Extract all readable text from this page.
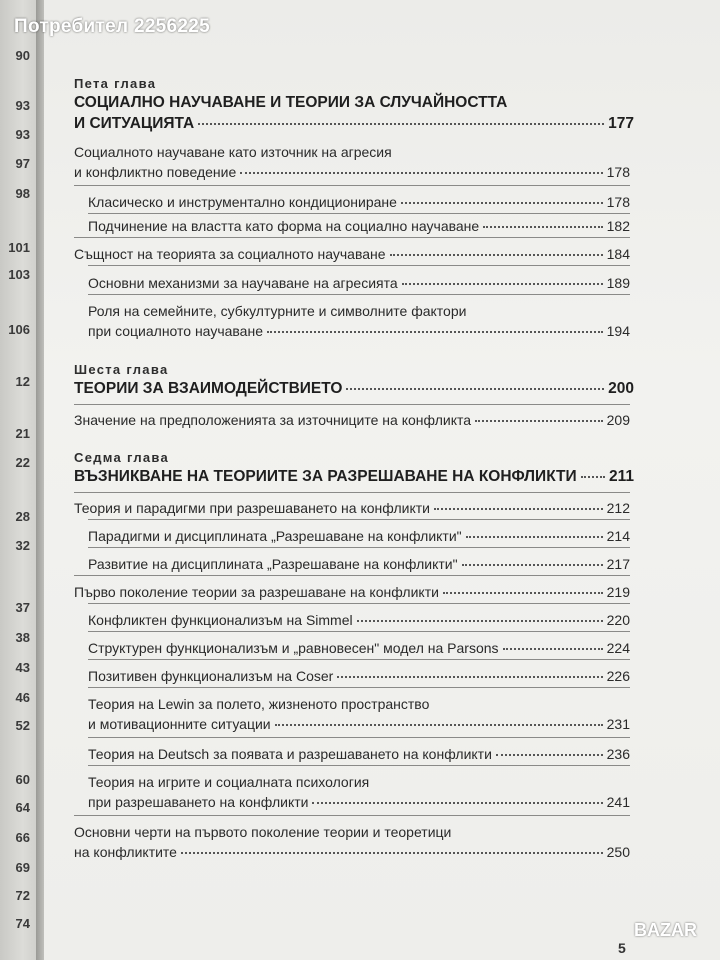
90
93
93
97
98
101
103
106
12
21
22
28
32
37
38
43
46
52
60
64
66
69
72
74
Потребител 2256225
Пета глава
СОЦИАЛНО НАУЧАВАНЕ И ТЕОРИИ ЗА СЛУЧАЙНОСТТА
И СИТУАЦИЯТА	177
Социалното научаване като източник на агресия
и конфликтно поведение	178
Класическо и инструментално кондициониране	178
Подчинение на властта като форма на социално научаване	182
Същност на теорията за социалното научаване	184
Основни механизми за научаване на агресията	189
Роля на семейните, субкултурните и символните фактори
при социалното научаване	194
Шеста глава
ТЕОРИИ ЗА ВЗАИМОДЕЙСТВИЕТО	200
Значение на предположенията за източниците на конфликта	209
Седма глава
ВЪЗНИКВАНЕ НА ТЕОРИИТЕ ЗА РАЗРЕШАВАНЕ НА КОНФЛИКТИ 211
Теория и парадигми при разрешаването на конфликти	212
Парадигми и дисциплината „Разрешаване на конфликти"	214
Развитие на дисциплината „Разрешаване на конфликти"	217
Първо поколение теории за разрешаване на конфликти	219
Конфликтен функционализъм на Simmel	220
Структурен функционализъм и „равновесен" модел на Parsons	224
Позитивен функционализъм на Coser	226
Теория на Lewin за полето, жизненото пространство
и мотивационните ситуации	231
Теория на Deutsch за появата и разрешаването на конфликти	236
Теория на игрите и социалната психология
при разрешаването на конфликти	241
Основни черти на първото поколение теории и теоретици
на конфликтите	250
5
BAZAR
